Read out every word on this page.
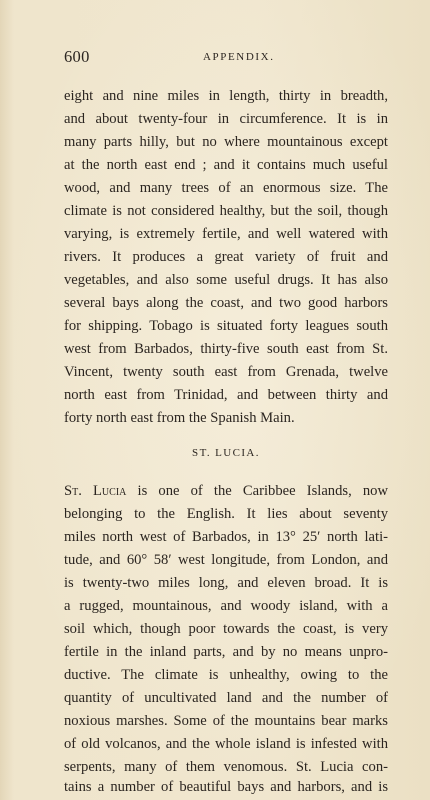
600	APPENDIX.
eight and nine miles in length, thirty in breadth,
and about twenty-four in circumference. It is in
many parts hilly, but no where mountainous except
at the north east end ; and it contains much useful
wood, and many trees of an enormous size. The
climate is not considered healthy, but the soil, though
varying, is extremely fertile, and well watered with
rivers. It produces a great variety of fruit and
vegetables, and also some useful drugs. It has also
several bays along the coast, and two good harbors
for shipping. Tobago is situated forty leagues south
west from Barbados, thirty-five south east from St.
Vincent, twenty south east from Grenada, twelve
north east from Trinidad, and between thirty and
forty north east from the Spanish Main.
ST. LUCIA.
St. Lucia is one of the Caribbee Islands, now
belonging to the English. It lies about seventy
miles north west of Barbados, in 13° 25′ north lati-
tude, and 60° 58′ west longitude, from London, and
is twenty-two miles long, and eleven broad. It is
a rugged, mountainous, and woody island, with a
soil which, though poor towards the coast, is very
fertile in the inland parts, and by no means unpro-
ductive. The climate is unhealthy, owing to the
quantity of uncultivated land and the number of
noxious marshes. Some of the mountains bear marks
of old volcanos, and the whole island is infested with
serpents, many of them venomous. St. Lucia con-
tains a number of beautiful bays and harbors, and is
